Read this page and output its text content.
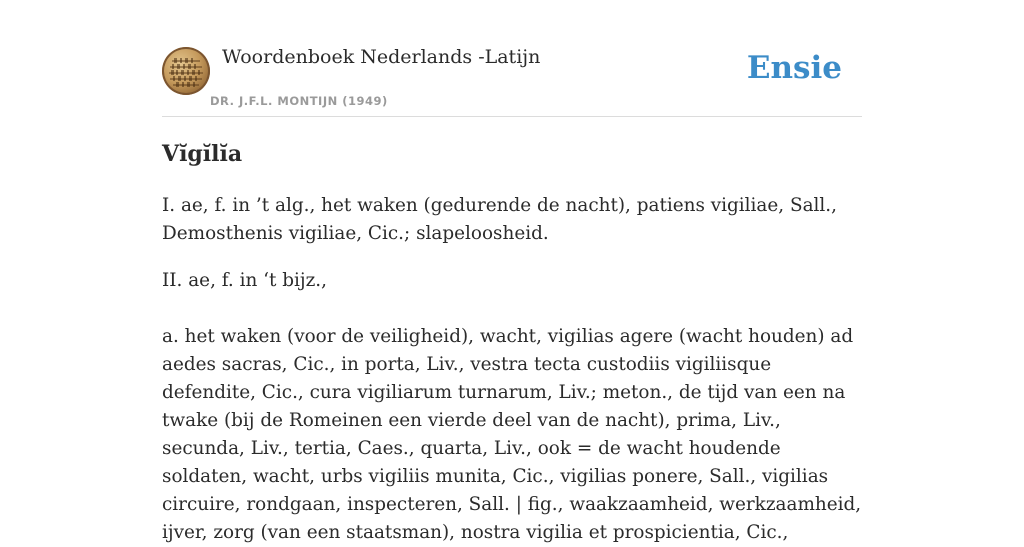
Woordenboek Nederlands -Latijn
DR. J.F.L. MONTIJN (1949)
Ensie
Vĭgĭlĭa

I. ae, f. in ’t alg., het waken (gedurende de nacht), patiens vigiliae, Sall., Demosthenis vigiliae, Cic.; slapeloosheid.

II. ae, f. in ‘t bijz.,

a. het waken (voor de veiligheid), wacht, vigilias agere (wacht houden) ad aedes sacras, Cic., in porta, Liv., vestra tecta custodiis vigiliisque defendite, Cic., cura vigiliarum turnarum, Liv.; meton., de tijd van een na twake (bij de Romeinen een vierde deel van de nacht), prima, Liv., secunda, Liv., tertia, Caes., quarta, Liv., ook = de wacht houdende soldaten, wacht, urbs vigiliis munita, Cic., vigilias ponere, Sall., vigilias circuire, rondgaan, inspecteren, Sall. | fig., waakzaamheid, werkzaamheid, ijver, zorg (van een staatsman), nostra vigilia et prospicientia, Cic.,
